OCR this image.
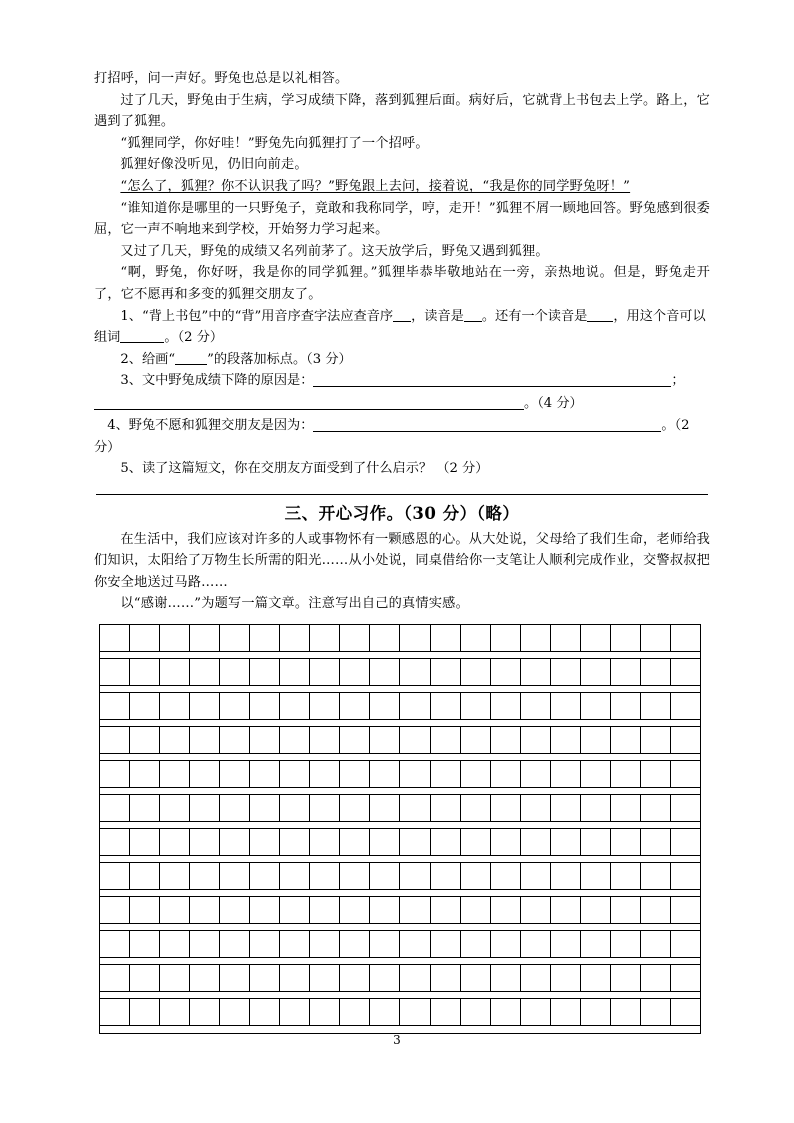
打招呼，问一声好。野兔也总是以礼相答。

过了几天，野兔由于生病，学习成绩下降，落到狐狸后面。病好后，它就背上书包去上学。路上，它遇到了狐狸。

“狐狸同学，你好哇！”野兔先向狐狸打了一个招呼。

狐狸好像没听见，仍旧向前走。

“怎么了，狐狸？你不认识我了吗？”野兔跟上去问，接着说，“我是你的同学野兔呀！”

“谁知道你是哪里的一只野兔子，竟敢和我称同学，哼，走开！”狐狸不屑一顾地回答。野兔感到很委屈，它一声不响地来到学校，开始努力学习起来。

又过了几天，野兔的成绩又名列前茅了。这天放学后，野兔又遇到狐狸。

“啊，野兔，你好呀，我是你的同学狐狸。”狐狸毕恭毕敬地站在一旁，亲热地说。但是，野兔走开了，它不愿再和多变的狐狸交朋友了。

1、“背上书包”中的“背”用音序查字法应查音序 ，读音是 。还有一个读音是 ，用这个音可以组词	。（2 分）

2、给画“ ”的段落加标点。（3 分）

3、文中野兔成绩下降的原因是：	；

。（4 分）

4、野兔不愿和狐狸交朋友是因为：	。（2 分）

5、读了这篇短文，你在交朋友方面受到了什么启示？ （2 分）

三、开心习作。（30 分）（略）

在生活中，我们应该对许多的人或事物怀有一颗感恩的心。从大处说，父母给了我们生命，老师给我们知识，太阳给了万物生长所需的阳光……从小处说，同桌借给你一支笔让人顺利完成作业，交警叔叔把你安全地送过马路……

以“感谢……”为题写一篇文章。注意写出自己的真情实感。

3
